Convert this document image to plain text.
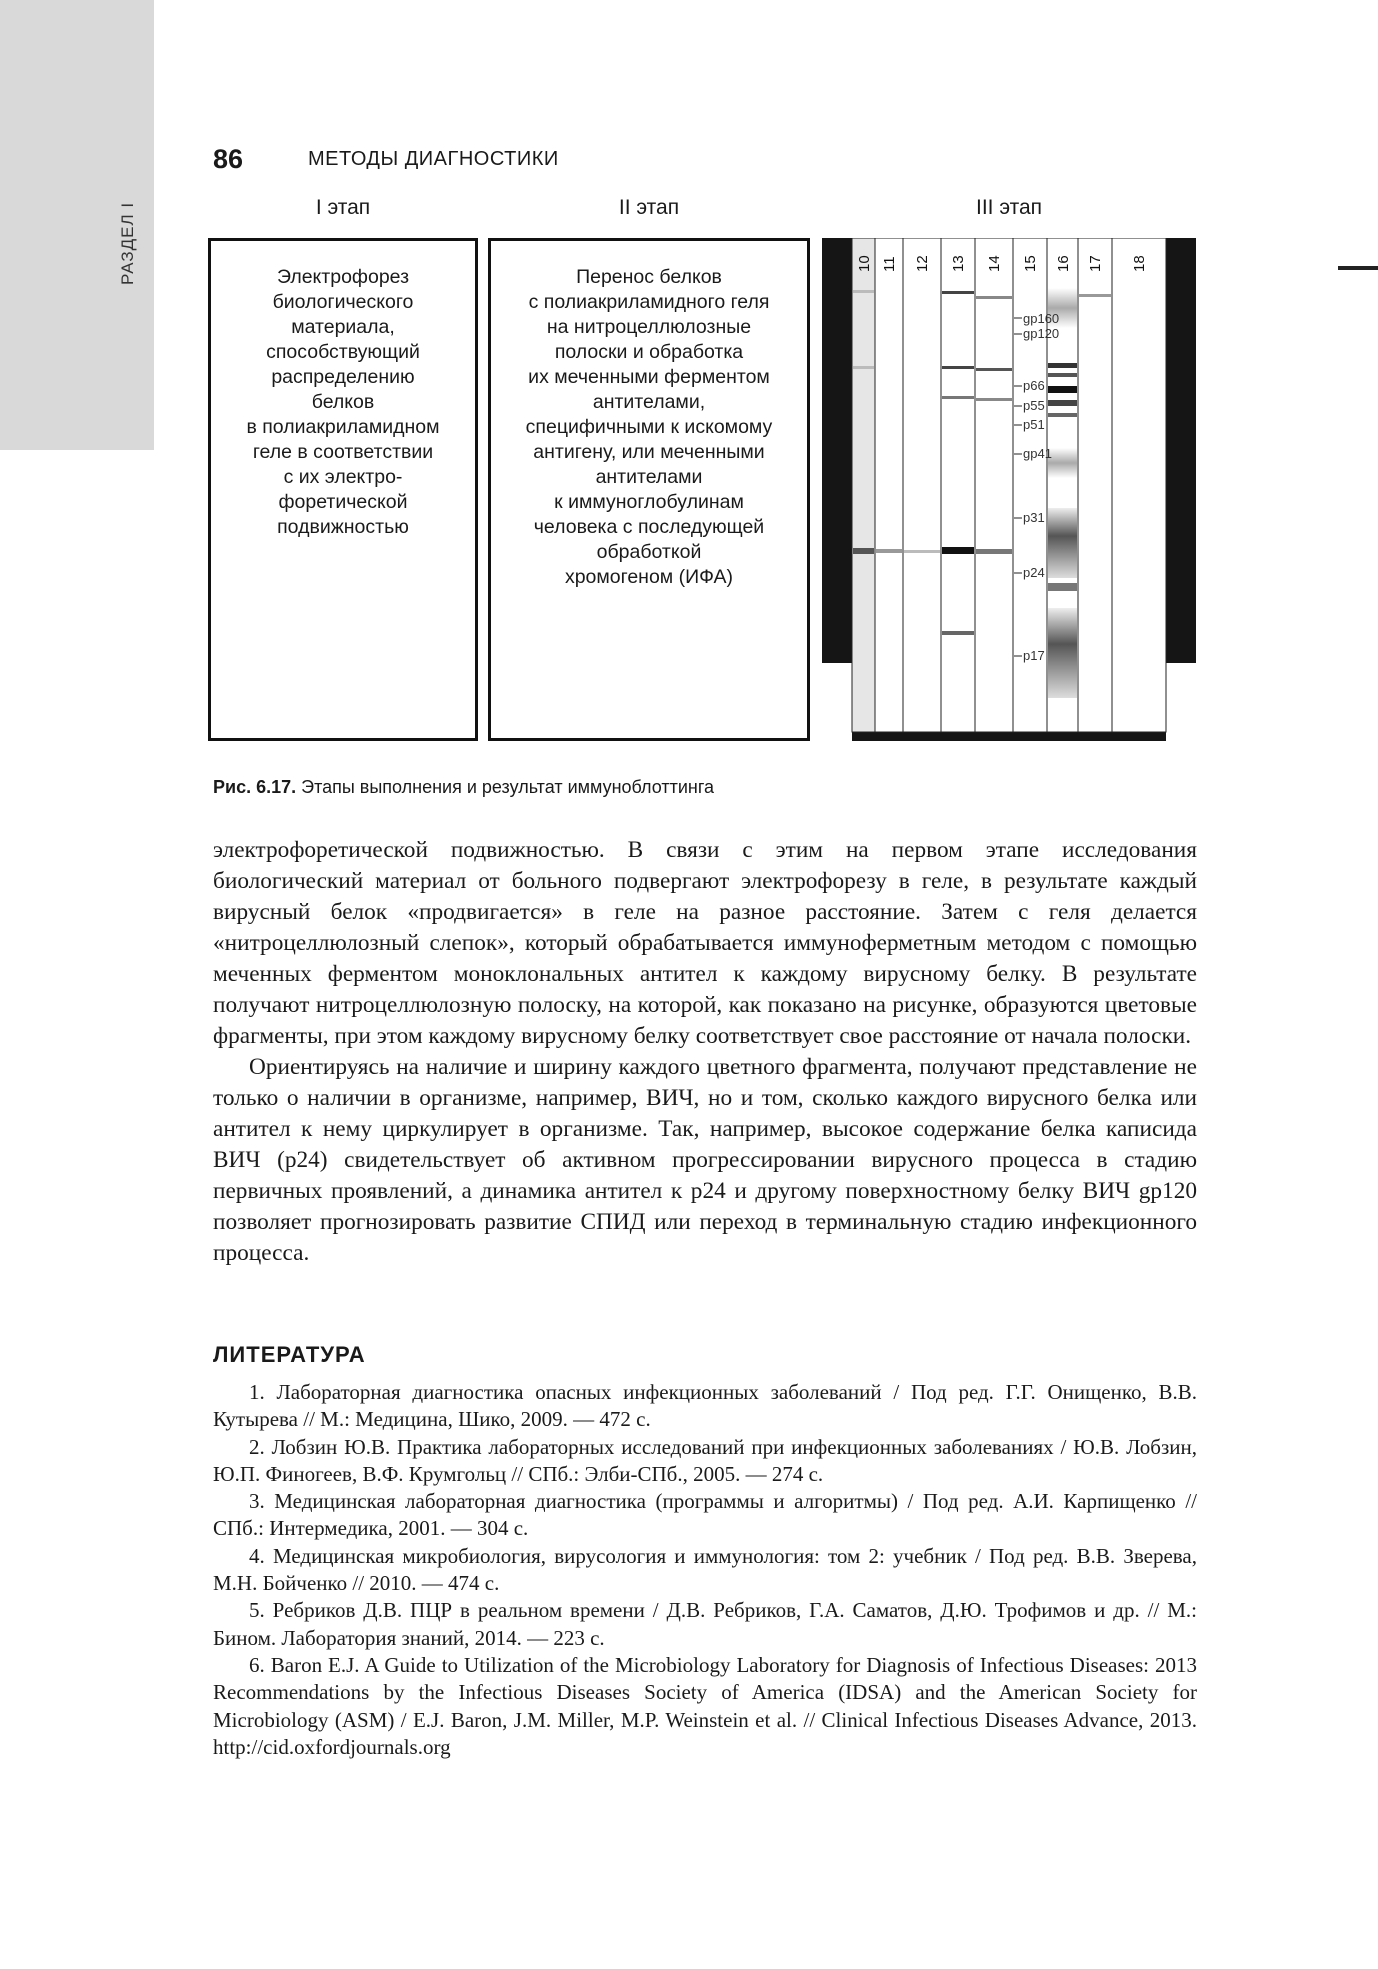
РАЗДЕЛ I
86	МЕТОДЫ ДИАГНОСТИКИ
I этап	II этап	III этап
Электрофорез
биологического
материала,
способствующий
распределению
белков
в полиакриламидном
геле в соответствии
с их электро-
форетической
подвижностью
Перенос белков
с полиакриламидного геля
на нитроцеллюлозные
полоски и обработка
их меченными ферментом
антителами,
специфичными к искомому
антигену, или меченными
антителами
к иммуноглобулинам
человека с последующей
обработкой
хромогеном (ИФА)
10 11 12 13 14 15 16 17 18
gp160
gp120
p66
p55
p51
gp41
p31
p24
p17
Рис. 6.17. Этапы выполнения и результат иммуноблоттинга

электрофоретической подвижностью. В связи с этим на первом этапе исследования биологический материал от больного подвергают электрофорезу в геле, в результате каждый вирусный белок «продвигается» в геле на разное расстояние. Затем с геля делается «нитроцеллюлозный слепок», который обрабатывается иммуноферметным методом с помощью меченных ферментом моноклональных антител к каждому вирусному белку. В результате получают нитроцеллюлозную полоску, на которой, как показано на рисунке, образуются цветовые фрагменты, при этом каждому вирусному белку соответствует свое расстояние от начала полоски.

Ориентируясь на наличие и ширину каждого цветного фрагмента, получают представление не только о наличии в организме, например, ВИЧ, но и том, сколько каждого вирусного белка или антител к нему циркулирует в организме. Так, например, высокое содержание белка каписида ВИЧ (p24) свидетельствует об активном прогрессировании вирусного процесса в стадию первичных проявлений, а динамика антител к p24 и другому поверхностному белку ВИЧ gp120 позволяет прогнозировать развитие СПИД или переход в терминальную стадию инфекционного процесса.

ЛИТЕРАТУРА

1. Лабораторная диагностика опасных инфекционных заболеваний / Под ред. Г.Г. Онищенко, В.В. Кутырева // М.: Медицина, Шико, 2009. — 472 с.

2. Лобзин Ю.В. Практика лабораторных исследований при инфекционных заболеваниях / Ю.В. Лобзин, Ю.П. Финогеев, В.Ф. Крумгольц // СПб.: Элби-СПб., 2005. — 274 с.

3. Медицинская лабораторная диагностика (программы и алгоритмы) / Под ред. А.И. Карпищенко // СПб.: Интермедика, 2001. — 304 с.

4. Медицинская микробиология, вирусология и иммунология: том 2: учебник / Под ред. В.В. Зверева, М.Н. Бойченко // 2010. — 474 с.

5. Ребриков Д.В. ПЦР в реальном времени / Д.В. Ребриков, Г.А. Саматов, Д.Ю. Трофимов и др. // М.: Бином. Лаборатория знаний, 2014. — 223 с.

6. Baron E.J. A Guide to Utilization of the Microbiology Laboratory for Diagnosis of Infectious Diseases: 2013 Recommendations by the Infectious Diseases Society of America (IDSA) and the American Society for Microbiology (ASM) / E.J. Baron, J.M. Miller, M.P. Weinstein et al. // Clinical Infectious Diseases Advance, 2013. http://cid.oxfordjournals.org
